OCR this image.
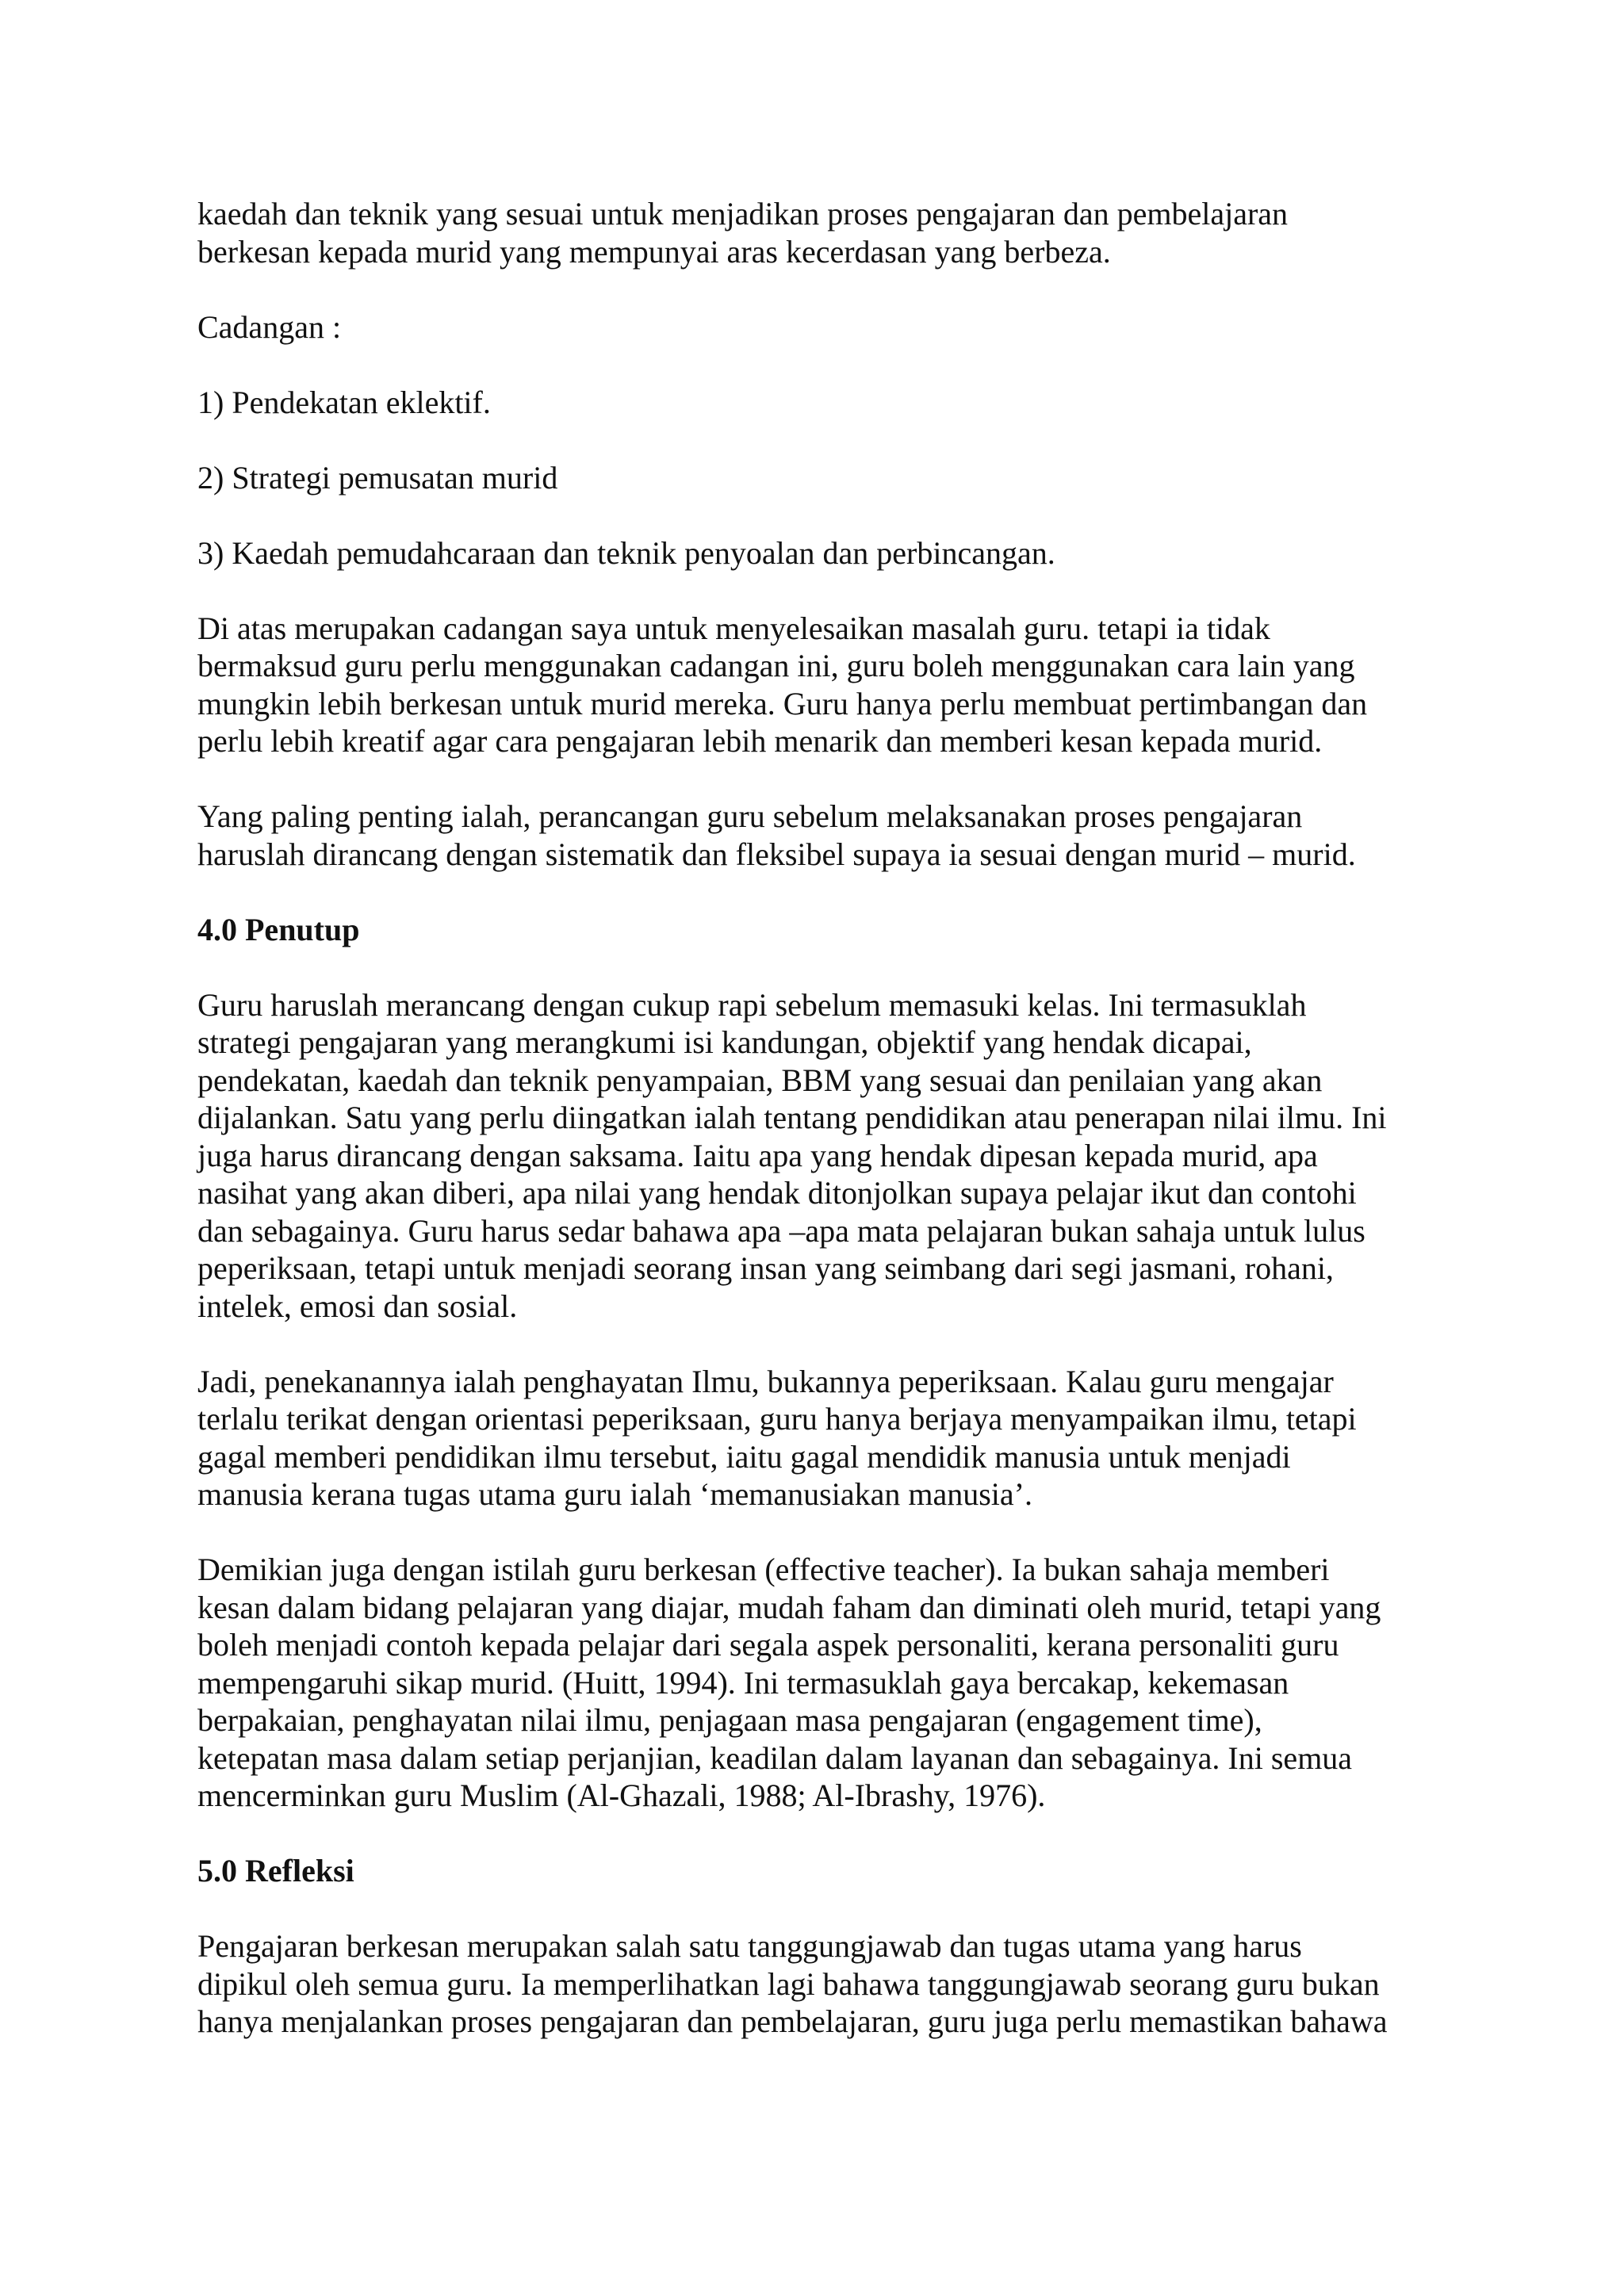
kaedah dan teknik yang sesuai untuk menjadikan proses pengajaran dan pembelajaran
berkesan kepada murid yang mempunyai aras kecerdasan yang berbeza.
Cadangan :
1) Pendekatan eklektif.
2) Strategi pemusatan murid
3) Kaedah pemudahcaraan dan teknik penyoalan dan perbincangan.
Di atas merupakan cadangan saya untuk menyelesaikan masalah guru. tetapi ia tidak
bermaksud guru perlu menggunakan cadangan ini, guru boleh menggunakan cara lain yang
mungkin lebih berkesan untuk murid mereka. Guru hanya perlu membuat pertimbangan dan
perlu lebih kreatif agar cara pengajaran lebih menarik dan memberi kesan kepada murid.
Yang paling penting ialah, perancangan guru sebelum melaksanakan proses pengajaran
haruslah dirancang dengan sistematik dan fleksibel supaya ia sesuai dengan murid – murid.
4.0 Penutup
Guru haruslah merancang dengan cukup rapi sebelum memasuki kelas. Ini termasuklah
strategi pengajaran yang merangkumi isi kandungan, objektif yang hendak dicapai,
pendekatan, kaedah dan teknik penyampaian, BBM yang sesuai dan penilaian yang akan
dijalankan. Satu yang perlu diingatkan ialah tentang pendidikan atau penerapan nilai ilmu. Ini
juga harus dirancang dengan saksama. Iaitu apa yang hendak dipesan kepada murid, apa
nasihat yang akan diberi, apa nilai yang hendak ditonjolkan supaya pelajar ikut dan contohi
dan sebagainya. Guru harus sedar bahawa apa –apa mata pelajaran bukan sahaja untuk lulus
peperiksaan, tetapi untuk menjadi seorang insan yang seimbang dari segi jasmani, rohani,
intelek, emosi dan sosial.
Jadi, penekanannya ialah penghayatan Ilmu, bukannya peperiksaan. Kalau guru mengajar
terlalu terikat dengan orientasi peperiksaan, guru hanya berjaya menyampaikan ilmu, tetapi
gagal memberi pendidikan ilmu tersebut, iaitu gagal mendidik manusia untuk menjadi
manusia kerana tugas utama guru ialah ‘memanusiakan manusia’.
Demikian juga dengan istilah guru berkesan (effective teacher). Ia bukan sahaja memberi
kesan dalam bidang pelajaran yang diajar, mudah faham dan diminati oleh murid, tetapi yang
boleh menjadi contoh kepada pelajar dari segala aspek personaliti, kerana personaliti guru
mempengaruhi sikap murid. (Huitt, 1994). Ini termasuklah gaya bercakap, kekemasan
berpakaian, penghayatan nilai ilmu, penjagaan masa pengajaran (engagement time),
ketepatan masa dalam setiap perjanjian, keadilan dalam layanan dan sebagainya. Ini semua
mencerminkan guru Muslim (Al-Ghazali, 1988; Al-Ibrashy, 1976).
5.0 Refleksi
Pengajaran berkesan merupakan salah satu tanggungjawab dan tugas utama yang harus
dipikul oleh semua guru. Ia memperlihatkan lagi bahawa tanggungjawab seorang guru bukan
hanya menjalankan proses pengajaran dan pembelajaran, guru juga perlu memastikan bahawa
